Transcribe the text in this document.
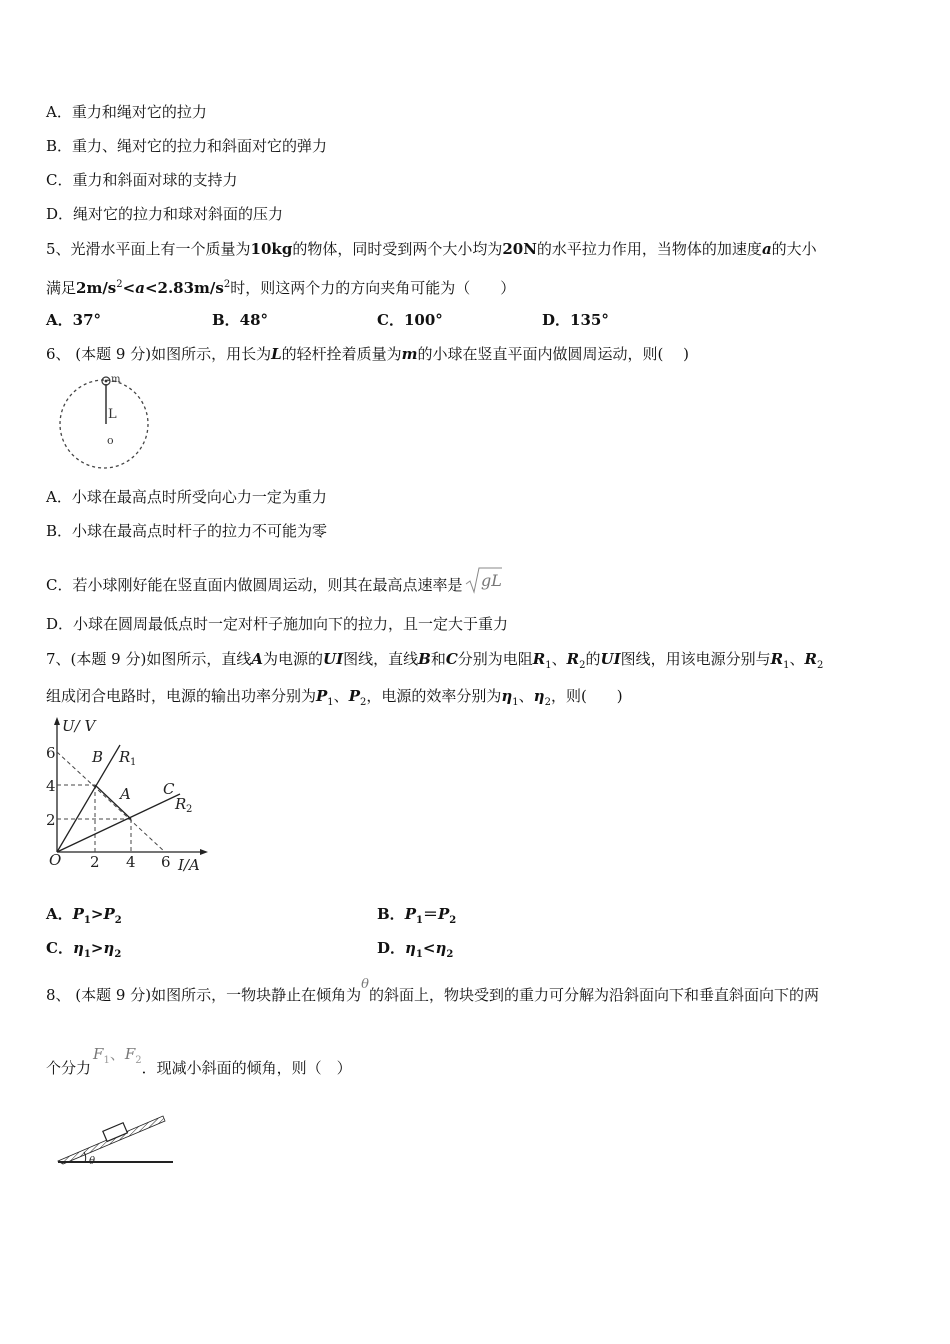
A．重力和绳对它的拉力
B．重力、绳对它的拉力和斜面对它的弹力
C．重力和斜面对球的支持力
D．绳对它的拉力和球对斜面的压力
5、光滑水平面上有一个质量为10kg的物体，同时受到两个大小均为20N的水平拉力作用，当物体的加速度a的大小
满足$2m/s^2<a<2.83m/s^2$时，则这两个力的方向夹角可能为（　　）
A．37°	B．48°	C．100°	D．135°
6、 (本题 9 分)如图所示，用长为L的轻杆拴着质量为m的小球在竖直平面内做圆周运动，则(　 )
m
L
o
A．小球在最高点时所受向心力一定为重力
B．小球在最高点时杆子的拉力不可能为零
C．若小球刚好能在竖直面内做圆周运动，则其在最高点速率是 gL
D．小球在圆周最低点时一定对杆子施加向下的拉力，且一定大于重力
7、(本题 9 分)如图所示，直线A为电源的UI图线，直线B和C分别为电阻$R_1$、$R_2$的UI图线，用该电源分别与$R_1$、$R_2$
组成闭合电路时，电源的输出功率分别为$P_1$、$P_2$，电源的效率分别为$\eta_1$、$\eta_2$，则(　　)
U/ V
I/A
O
6
4
2
2 4 6
B R 1
A C
R 2
A．$P_1>P_2$	B．$P_1=P_2$
C．$\eta_1>\eta_2$	D．$\eta_1<\eta_2$
8、 (本题 9 分)如图所示，一物块静止在倾角为θ的斜面上，物块受到的重力可分解为沿斜面向下和垂直斜面向下的两
个分力$F_1$、$F_2$．现减小斜面的倾角，则（　）
θ
